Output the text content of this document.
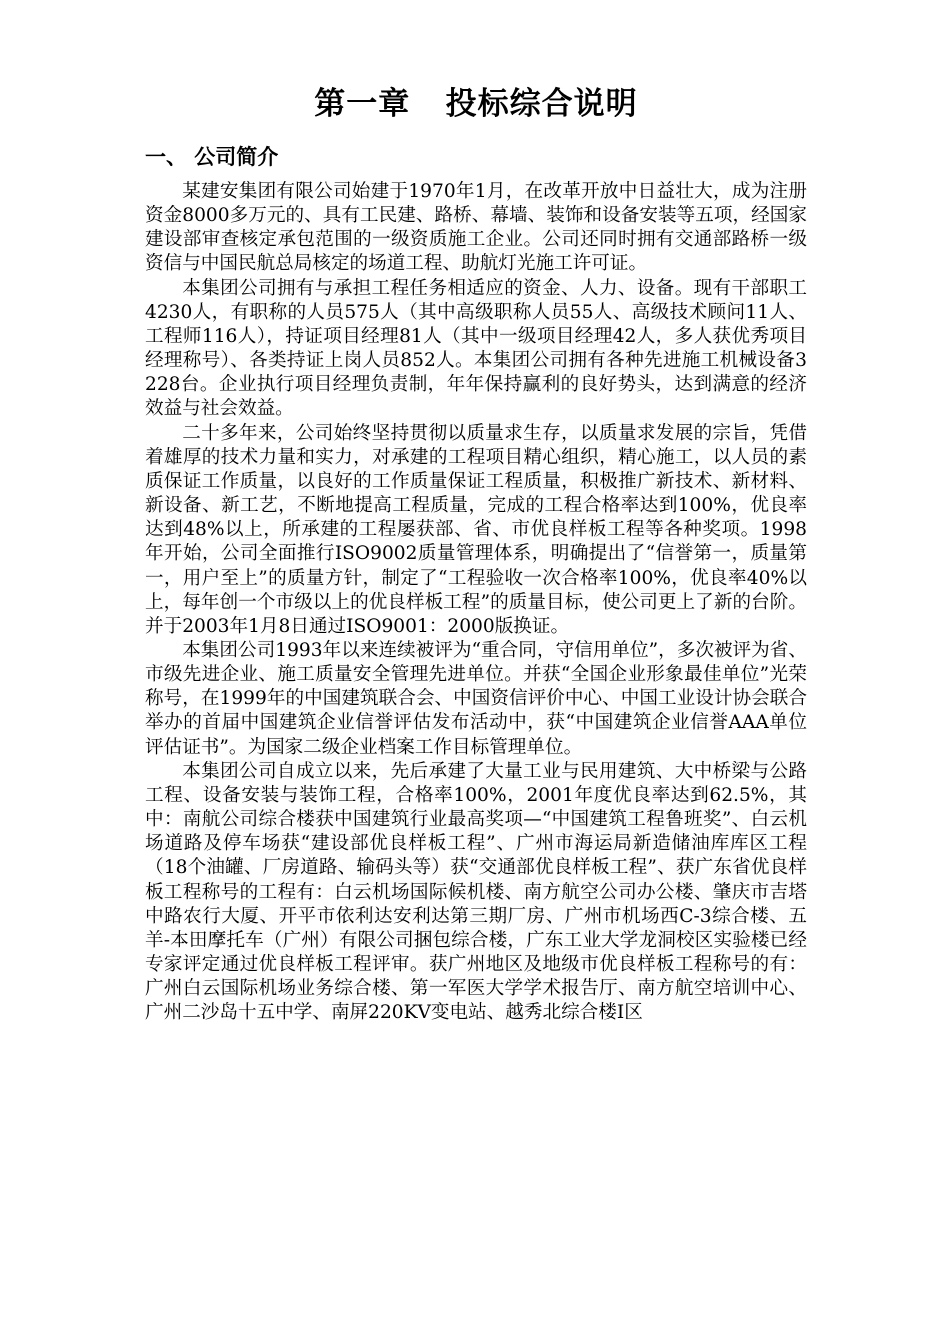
第一章   投标综合说明
一、 公司简介

某建安集团有限公司始建于1970年1月，在改革开放中日益壮大，成为注册资金8000多万元的、具有工民建、路桥、幕墙、装饰和设备安装等五项，经国家建设部审查核定承包范围的一级资质施工企业。公司还同时拥有交通部路桥一级资信与中国民航总局核定的场道工程、助航灯光施工许可证。

本集团公司拥有与承担工程任务相适应的资金、人力、设备。现有干部职工4230人，有职称的人员575人（其中高级职称人员55人、高级技术顾问11人、工程师116人），持证项目经理81人（其中一级项目经理42人，多人获优秀项目经理称号）、各类持证上岗人员852人。本集团公司拥有各种先进施工机械设备3228台。企业执行项目经理负责制，年年保持赢利的良好势头，达到满意的经济效益与社会效益。

二十多年来，公司始终坚持贯彻以质量求生存，以质量求发展的宗旨，凭借着雄厚的技术力量和实力，对承建的工程项目精心组织，精心施工，以人员的素质保证工作质量，以良好的工作质量保证工程质量，积极推广新技术、新材料、新设备、新工艺，不断地提高工程质量，完成的工程合格率达到100%，优良率达到48%以上，所承建的工程屡获部、省、市优良样板工程等各种奖项。1998年开始，公司全面推行ISO9002质量管理体系，明确提出了“信誉第一，质量第一，用户至上”的质量方针，制定了“工程验收一次合格率100%，优良率40%以上，每年创一个市级以上的优良样板工程”的质量目标，使公司更上了新的台阶。并于2003年1月8日通过ISO9001：2000版换证。

本集团公司1993年以来连续被评为“重合同，守信用单位”，多次被评为省、市级先进企业、施工质量安全管理先进单位。并获“全国企业形象最佳单位”光荣称号，在1999年的中国建筑联合会、中国资信评价中心、中国工业设计协会联合举办的首届中国建筑企业信誉评估发布活动中，获“中国建筑企业信誉AAA单位评估证书”。为国家二级企业档案工作目标管理单位。

本集团公司自成立以来，先后承建了大量工业与民用建筑、大中桥梁与公路工程、设备安装与装饰工程，合格率100%，2001年度优良率达到62.5%，其中：南航公司综合楼获中国建筑行业最高奖项—“中国建筑工程鲁班奖”、白云机场道路及停车场获“建设部优良样板工程”、广州市海运局新造储油库库区工程（18个油罐、厂房道路、输码头等）获“交通部优良样板工程”、获广东省优良样板工程称号的工程有：白云机场国际候机楼、南方航空公司办公楼、肇庆市吉塔中路农行大厦、开平市依利达安利达第三期厂房、广州市机场西C-3综合楼、五羊-本田摩托车（广州）有限公司捆包综合楼，广东工业大学龙洞校区实验楼已经专家评定通过优良样板工程评审。获广州地区及地级市优良样板工程称号的有：广州白云国际机场业务综合楼、第一军医大学学术报告厅、南方航空培训中心、广州二沙岛十五中学、南屏220KV变电站、越秀北综合楼I区
